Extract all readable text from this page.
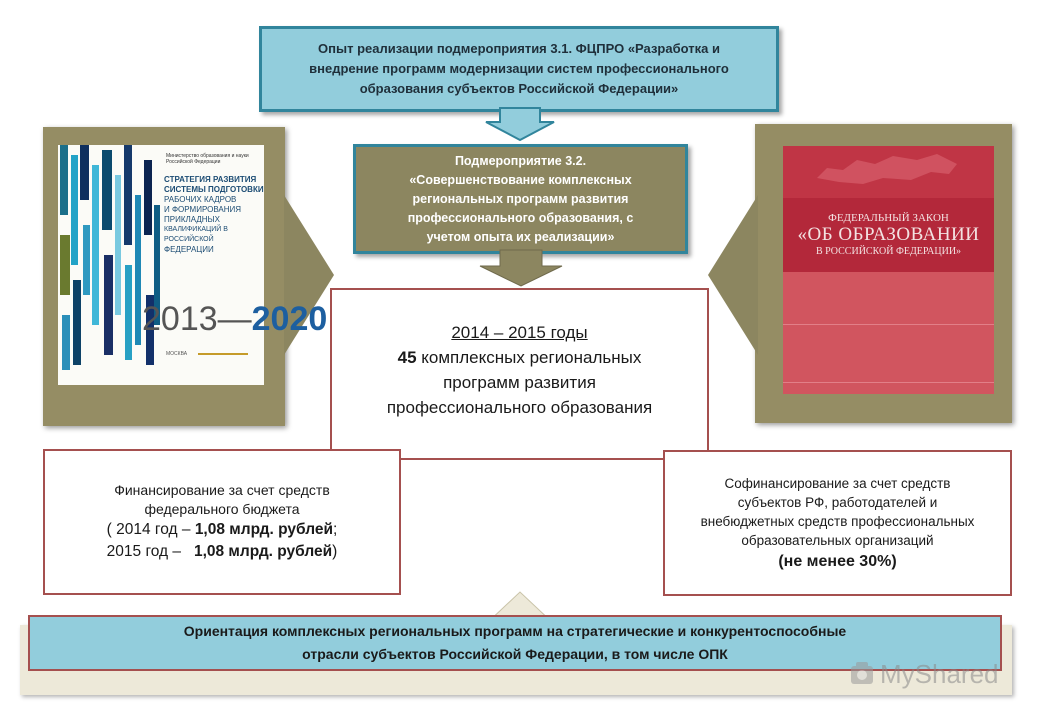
Министерство образования и науки Российской Федерации
СТРАТЕГИЯ РАЗВИТИЯ
СИСТЕМЫ ПОДГОТОВКИ
РАБОЧИХ КАДРОВ
И ФОРМИРОВАНИЯ
ПРИКЛАДНЫХ
КВАЛИФИКАЦИЙ В РОССИЙСКОЙ
ФЕДЕРАЦИИ
2013—2020
МОСКВА
ФЕДЕРАЛЬНЫЙ ЗАКОН
«ОБ ОБРАЗОВАНИИ
В РОССИЙСКОЙ ФЕДЕРАЦИИ»
Опыт реализации подмероприятия 3.1. ФЦПРО «Разработка и
внедрение программ модернизации систем профессионального
образования субъектов Российской Федерации»
Подмероприятие 3.2.
«Совершенствование комплексных
региональных программ развития
профессионального образования, с
учетом опыта их реализации»
2014 – 2015 годы
45 комплексных региональных
программ развития
профессионального образования
Финансирование за счет средств
федерального бюджета
( 2014 год – 1,08 млрд. рублей;
2015 год –   1,08 млрд. рублей)
Софинансирование за счет средств
субъектов РФ, работодателей и
внебюджетных средств профессиональных
образовательных организаций
(не менее 30%)
Ориентация комплексных региональных программ на стратегические и конкурентоспособные
отрасли субъектов Российской Федерации, в том числе ОПК
MyShared
